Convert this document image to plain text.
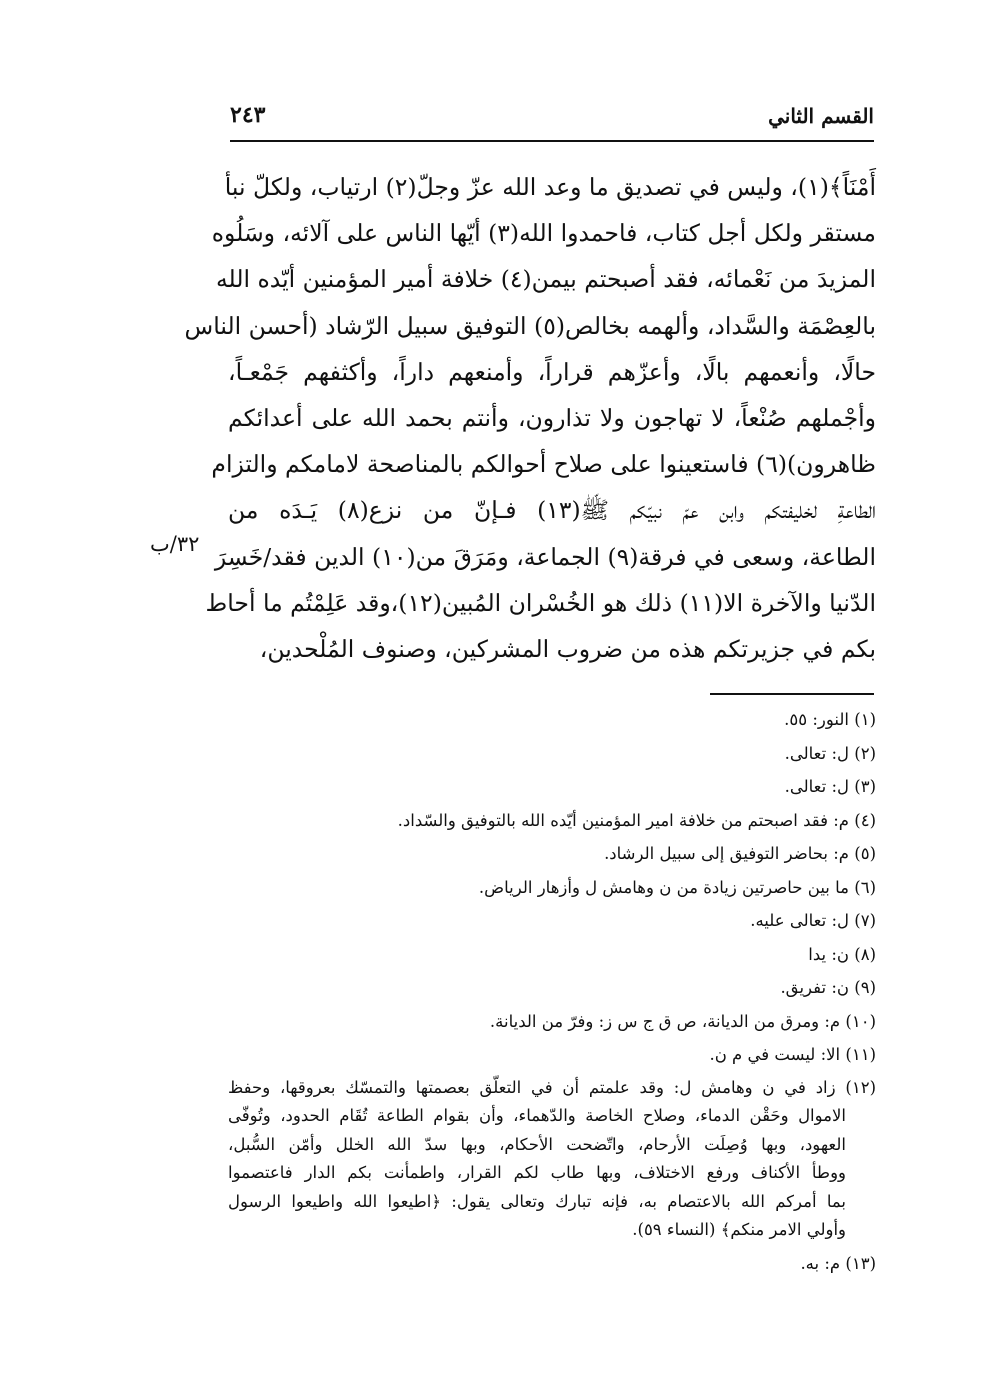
القسم الثاني
٢٤٣
أَمْنَاً﴾(١)، وليس في تصديق ما وعد الله عزّ وجلّ(٢) ارتياب، ولكلّ نبأ
مستقر ولكل أجل كتاب، فاحمدوا الله(٣) أيّها الناس على آلائه، وسَلُوه
المزيدَ من نَعْمائه، فقد أصبحتم بيمن(٤) خلافة أمير المؤمنين أيّده الله
بالعِصْمَة والسَّداد، وألهمه بخالص(٥) التوفيق سبيل الرّشاد (أحسن الناس
حالًا، وأنعمهم بالًا، وأعزّهم قراراً، وأمنعهم داراً، وأكثفهم جَمْعـاً،
وأجْملهم صُنْعاً، لا تهاجون ولا تذارون، وأنتم بحمد الله على أعدائكم
ظاهرون)(٦) فاستعينوا على صلاح أحوالكم بالمناصحة لامامكم والتزام
الطاعةِ لخليفتكم وابن عمّ نبيّكم ﷺ(١٣) فـإنّ من نزع(٨) يَـدَه من
الطاعة، وسعى في فرقة(٩) الجماعة، ومَرَقَ من(١٠) الدين فقد/خَسِرَ
الدّنيا والآخرة الا(١١) ذلك هو الخُسْران المُبين(١٢)،وقد عَلِمْتُم ما أحاط
بكم في جزيرتكم هذه من ضروب المشركين، وصنوف المُلْحدين،
٣٢/ب
(١) النور: ٥٥.
(٢) ل: تعالى.
(٣) ل: تعالى.
(٤) م: فقد اصبحتم من خلافة امير المؤمنين أيّده الله بالتوفيق والسّداد.
(٥) م: بحاضر التوفيق إلى سبيل الرشاد.
(٦) ما بين حاصرتين زيادة من ن وهامش ل وأزهار الرياض.
(٧) ل: تعالى عليه.
(٨) ن: يدا
(٩) ن: تفريق.
(١٠) م: ومرق من الديانة، ص ق ج س ز: وفرّ من الديانة.
(١١) الا: ليست في م ن.
(١٢) زاد في ن وهامش ل: وقد علمتم أن في التعلّق بعصمتها والتمسّك بعروقها، وحفظ
الاموال وحَقْن الدماء، وصلاح الخاصة والدّهماء، وأن بقوام الطاعة تُقَام الحدود، وتُوفّى
العهود، وبها وُصِلَت الأرحام، واتّضحت الأحكام، وبها سدّ الله الخلل وأمّن السُّبل،
ووطأ الأكناف ورفع الاختلاف، وبها طاب لكم القرار، واطمأنت بكم الدار فاعتصموا
بما أمركم الله بالاعتصام به، فإنه تبارك وتعالى يقول: ﴿اطيعوا الله واطيعوا الرسول
وأولي الامر منكم﴾ (النساء ٥٩).
(١٣) م: به.
